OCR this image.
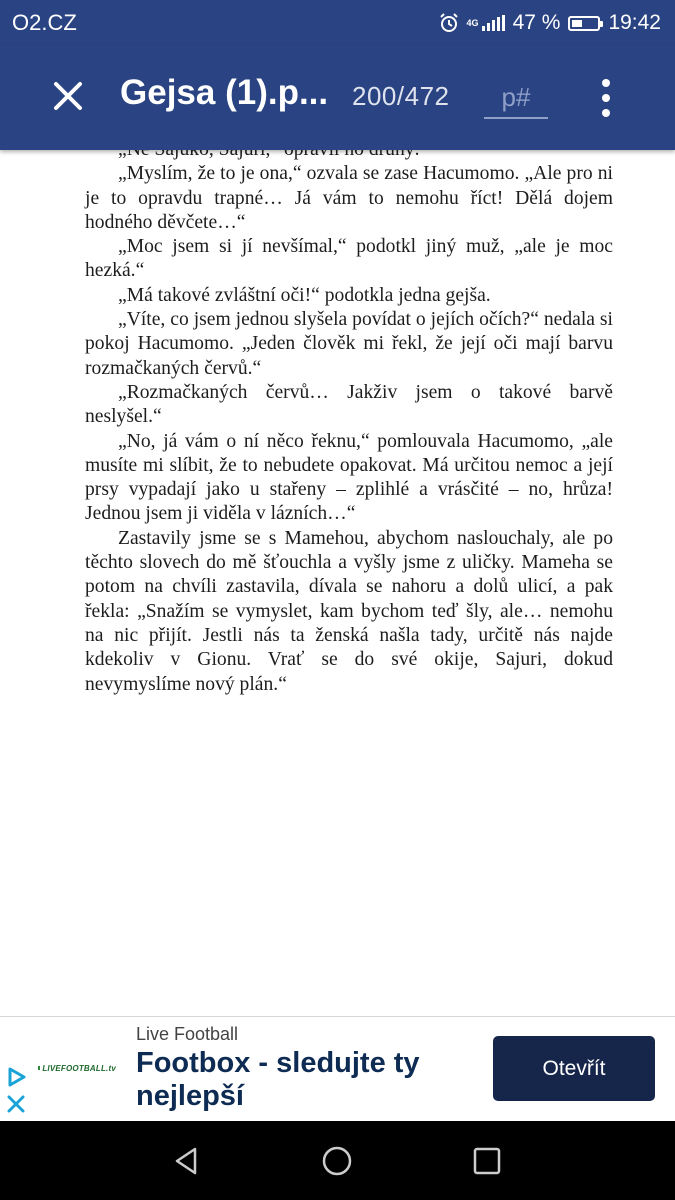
O2.CZ	4G 47 % 19:42
Gejsa (1).p... 200/472
p#

„Myslím, že to je ona,“ ozvala se zase Hacumomo. „Ale pro ni je to opravdu trapné… Já vám to nemohu říct! Dělá dojem hodného děvčete…“

„Moc jsem si jí nevšímal,“ podotkl jiný muž, „ale je moc hezká.“

„Má takové zvláštní oči!“ podotkla jedna gejša.

„Víte, co jsem jednou slyšela povídat o jejích očích?“ nedala si pokoj Hacumomo. „Jeden člověk mi řekl, že její oči mají barvu rozmačkaných červů.“

„Rozmačkaných červů… Jakživ jsem o takové barvě neslyšel.“

„No, já vám o ní něco řeknu,“ pomlouvala Hacumomo, „ale musíte mi slíbit, že to nebudete opakovat. Má určitou nemoc a její prsy vypadají jako u stařeny – zplihlé a vrásčité – no, hrůza! Jednou jsem ji viděla v lázních…“

Zastavily jsme se s Mamehou, abychom naslouchaly, ale po těchto slovech do mě šťouchla a vyšly jsme z uličky. Mameha se potom na chvíli zastavila, dívala se nahoru a dolů ulicí, a pak řekla: „Snažím se vymyslet, kam bychom teď šly, ale… nemohu na nic přijít. Jestli nás ta ženská našla tady, určitě nás najde kdekoliv v Gionu. Vrať se do své okije, Sajuri, dokud nevymyslíme nový plán.“

LIVEFOOTBALL.tv
Live Football
Footbox - sledujte ty nejlepší
Otevřít
